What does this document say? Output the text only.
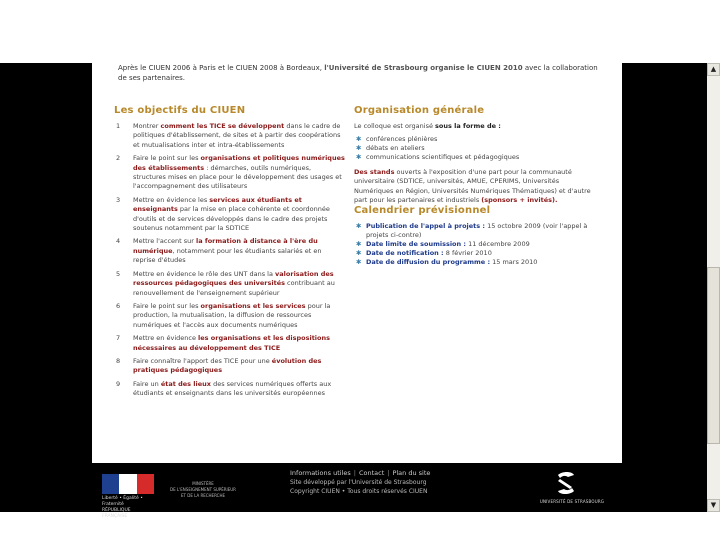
Après le CIUEN 2006 à Paris et le CIUEN 2008 à Bordeaux, l'Université de Strasbourg organise le CIUEN 2010 avec la collaboration de ses partenaires.

Les objectifs du CIUEN
1 Montrer comment les TICE se développent dans le cadre de politiques d'établissement, de sites et à partir des coopérations et mutualisations inter et intra-établissements
2 Faire le point sur les organisations et politiques numériques des établissements : démarches, outils numériques, structures mises en place pour le développement des usages et l'accompagnement des utilisateurs
3 Mettre en évidence les services aux étudiants et enseignants par la mise en place cohérente et coordonnée d'outils et de services développés dans le cadre des projets soutenus notamment par la SDTICE
4 Mettre l'accent sur la formation à distance à l'ère du numérique, notamment pour les étudiants salariés et en reprise d'études
5 Mettre en évidence le rôle des UNT dans la valorisation des ressources pédagogiques des universités contribuant au renouvellement de l'enseignement supérieur
6 Faire le point sur les organisations et les services pour la production, la mutualisation, la diffusion de ressources numériques et l'accès aux documents numériques
7 Mettre en évidence les organisations et les dispositions nécessaires au développement des TICE
8 Faire connaître l'apport des TICE pour une évolution des pratiques pédagogiques
9 Faire un état des lieux des services numériques offerts aux étudiants et enseignants dans les universités européennes
Organisation générale

Le colloque est organisé sous la forme de :

✱ conférences plénières
✱ débats en ateliers
✱ communications scientifiques et pédagogiques

Des stands ouverts à l'exposition d'une part pour la communauté universitaire (SDTICE, universités, AMUE, CPERIMS, Universités Numériques en Région, Universités Numériques Thématiques) et d'autre part pour les partenaires et industriels (sponsors + invités).

Calendrier prévisionnel
✱ Publication de l'appel à projets : 15 octobre 2009 (voir l'appel à projets ci-contre)
✱ Date limite de soumission : 11 décembre 2009
✱ Date de notification : 8 février 2010
✱ Date de diffusion du programme : 15 mars 2010
Liberté • Égalité • Fraternité
RÉPUBLIQUE FRANÇAISE
MINISTÈRE
DE L'ENSEIGNEMENT SUPÉRIEUR
ET DE LA RECHERCHE
Informations utiles | Contact | Plan du site
Site développé par l'Université de Strasbourg
Copyright CIUEN • Tous droits réservés CIUEN
UNIVERSITÉ DE STRASBOURG
▲
▼
